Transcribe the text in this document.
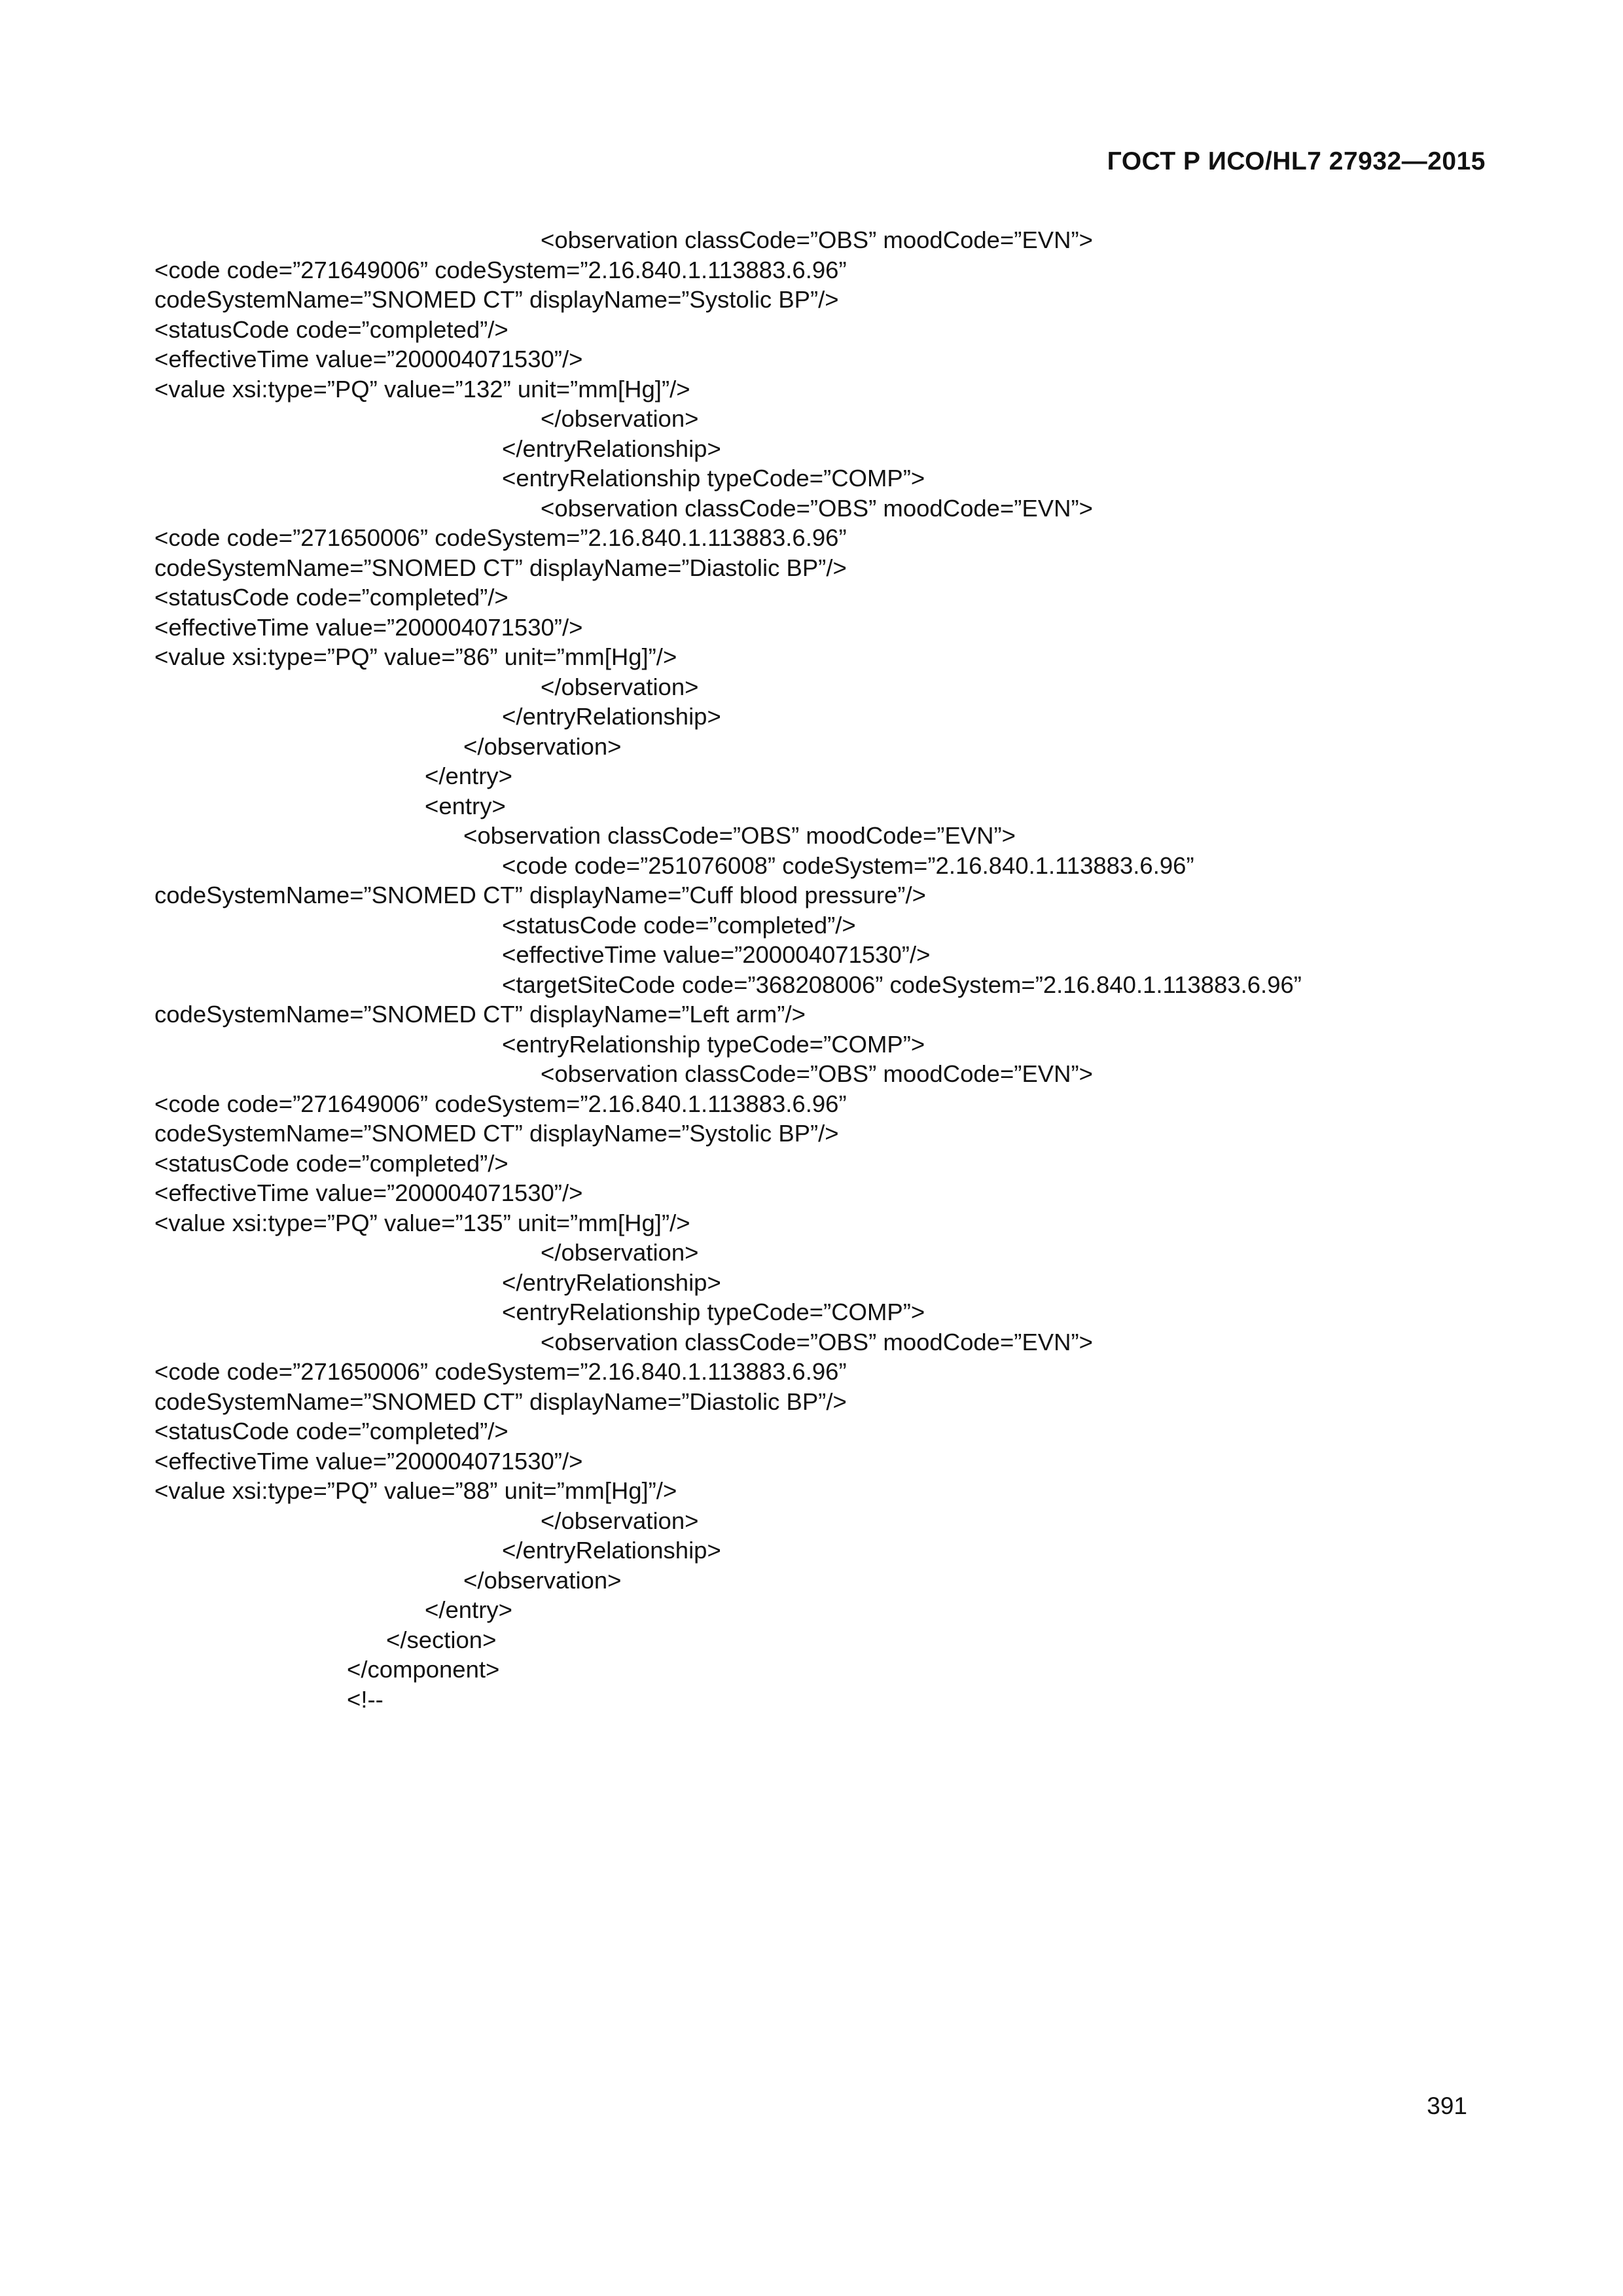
ГОСТ Р ИСО/HL7 27932—2015
<observation classCode=”OBS” moodCode=”EVN”>
<code code=”271649006” codeSystem=”2.16.840.1.113883.6.96”
codeSystemName=”SNOMED CT” displayName=”Systolic BP”/>
<statusCode code=”completed”/>
<effectiveTime value=”200004071530”/>
<value xsi:type=”PQ” value=”132” unit=”mm[Hg]”/>
</observation>
</entryRelationship>
<entryRelationship typeCode=”COMP”>
<observation classCode=”OBS” moodCode=”EVN”>
<code code=”271650006” codeSystem=”2.16.840.1.113883.6.96”
codeSystemName=”SNOMED CT” displayName=”Diastolic BP”/>
<statusCode code=”completed”/>
<effectiveTime value=”200004071530”/>
<value xsi:type=”PQ” value=”86” unit=”mm[Hg]”/>
</observation>
</entryRelationship>
</observation>
</entry>
<entry>
<observation classCode=”OBS” moodCode=”EVN”>
<code code=”251076008” codeSystem=”2.16.840.1.113883.6.96”
codeSystemName=”SNOMED CT” displayName=”Cuff blood pressure”/>
<statusCode code=”completed”/>
<effectiveTime value=”200004071530”/>
<targetSiteCode code=”368208006” codeSystem=”2.16.840.1.113883.6.96”
codeSystemName=”SNOMED CT” displayName=”Left arm”/>
<entryRelationship typeCode=”COMP”>
<observation classCode=”OBS” moodCode=”EVN”>
<code code=”271649006” codeSystem=”2.16.840.1.113883.6.96”
codeSystemName=”SNOMED CT” displayName=”Systolic BP”/>
<statusCode code=”completed”/>
<effectiveTime value=”200004071530”/>
<value xsi:type=”PQ” value=”135” unit=”mm[Hg]”/>
</observation>
</entryRelationship>
<entryRelationship typeCode=”COMP”>
<observation classCode=”OBS” moodCode=”EVN”>
<code code=”271650006” codeSystem=”2.16.840.1.113883.6.96”
codeSystemName=”SNOMED CT” displayName=”Diastolic BP”/>
<statusCode code=”completed”/>
<effectiveTime value=”200004071530”/>
<value xsi:type=”PQ” value=”88” unit=”mm[Hg]”/>
</observation>
</entryRelationship>
</observation>
</entry>
</section>
</component>
<!--
391
